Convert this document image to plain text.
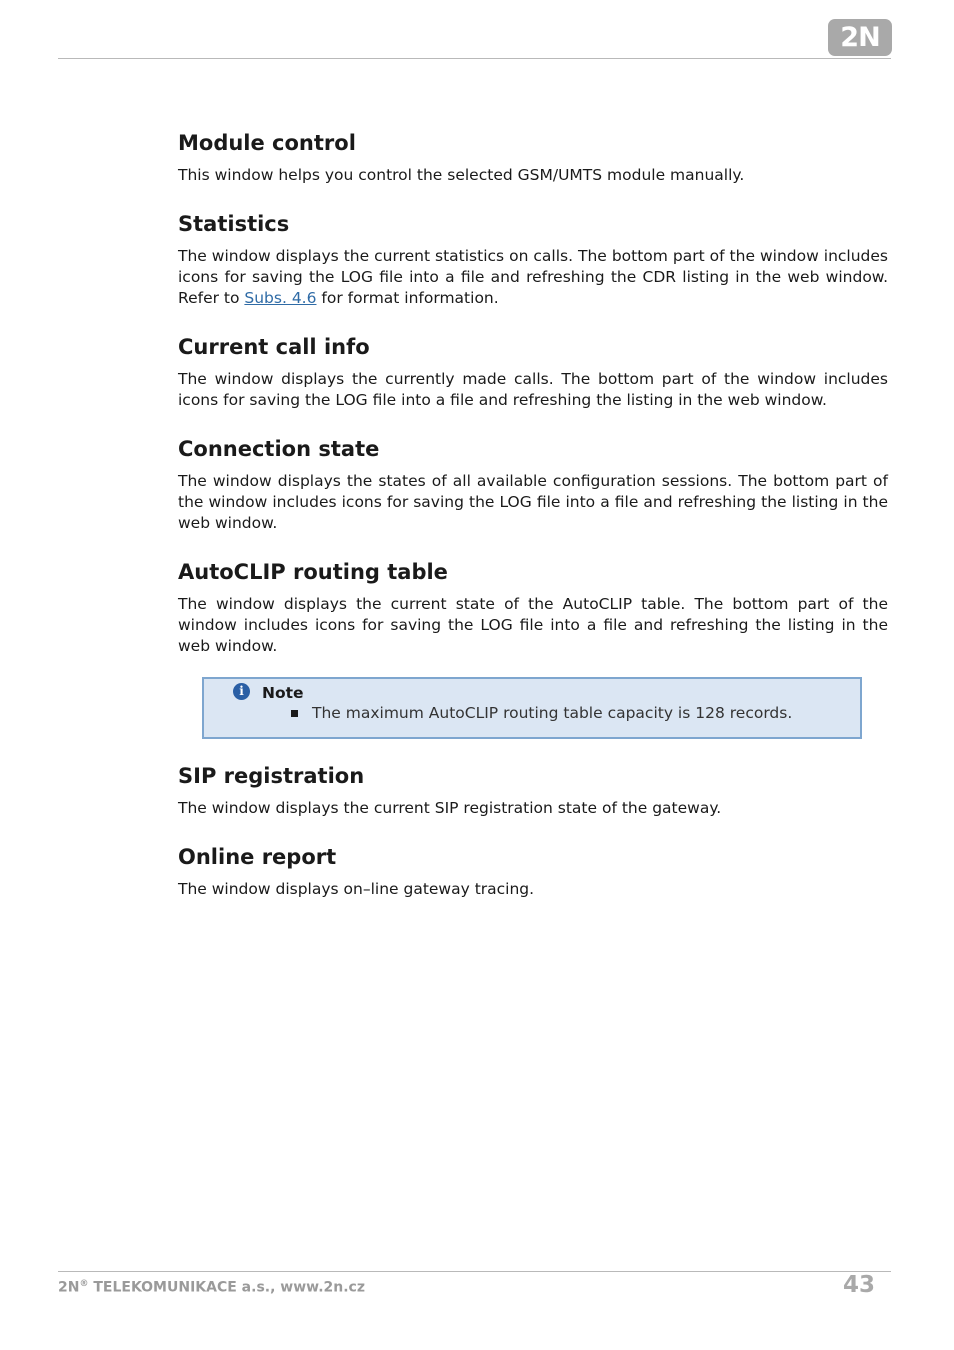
2N
Module control

This window helps you control the selected GSM/UMTS module manually.

Statistics

The window displays the current statistics on calls. The bottom part of the window includes icons for saving the LOG file into a file and refreshing the CDR listing in the web window. Refer to Subs. 4.6 for format information.

Current call info

The window displays the currently made calls. The bottom part of the window includes icons for saving the LOG file into a file and refreshing the listing in the web window.

Connection state

The window displays the states of all available configuration sessions. The bottom part of the window includes icons for saving the LOG file into a file and refreshing the listing in the web window.

AutoCLIP routing table

The window displays the current state of the AutoCLIP table. The bottom part of the window includes icons for saving the LOG file into a file and refreshing the listing in the web window.

i	Note
The maximum AutoCLIP routing table capacity is 128 records.
SIP registration

The window displays the current SIP registration state of the gateway.

Online report

The window displays on–line gateway tracing.

2N® TELEKOMUNIKACE a.s., www.2n.cz	43
